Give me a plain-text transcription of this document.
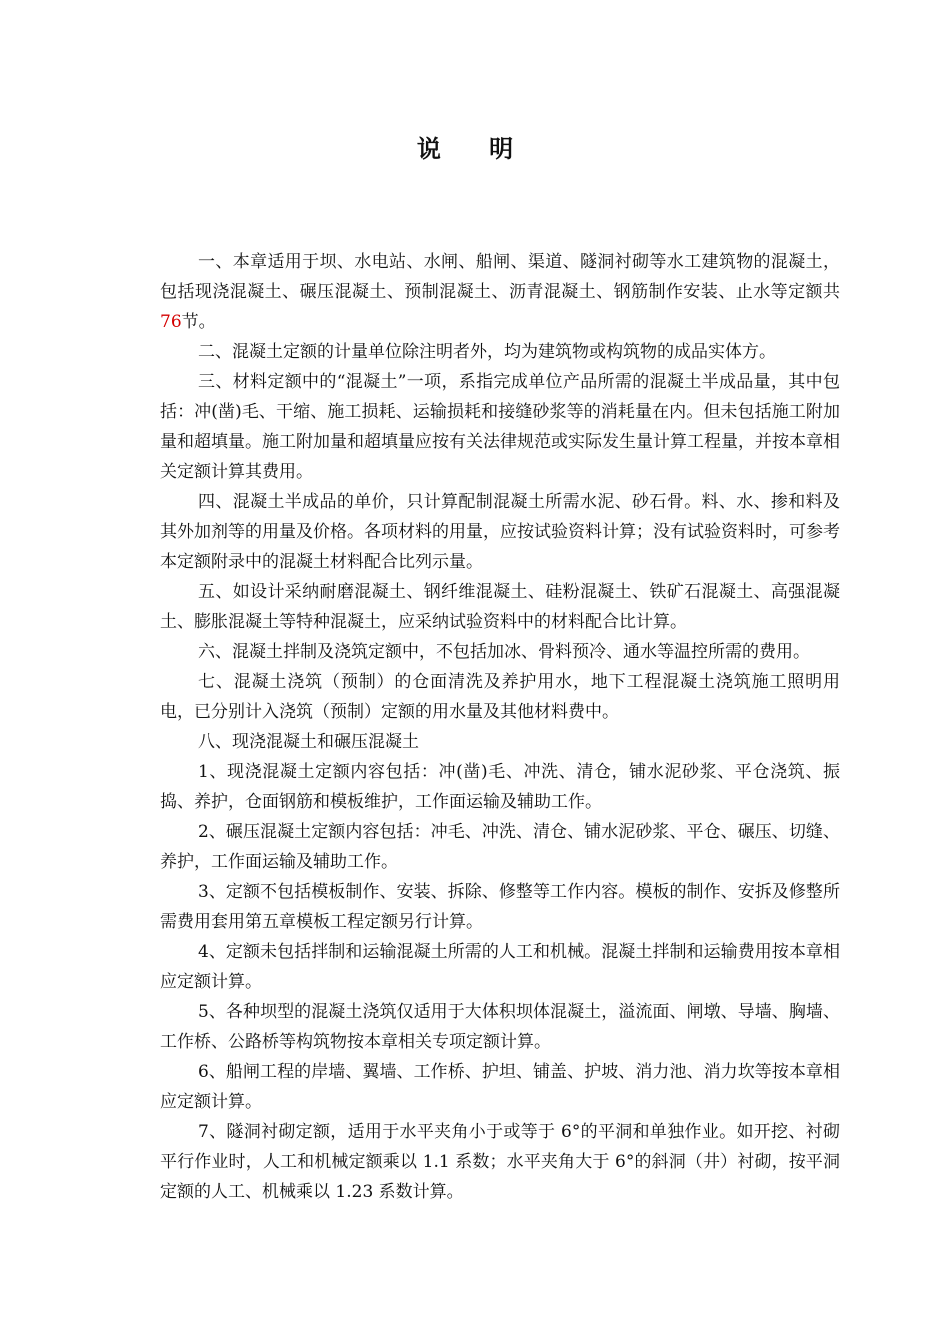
说 明

一、本章适用于坝、水电站、水闸、船闸、渠道、隧洞衬砌等水工建筑物的混凝土，包括现浇混凝土、碾压混凝土、预制混凝土、沥青混凝土、钢筋制作安装、止水等定额共76节。

二、混凝土定额的计量单位除注明者外，均为建筑物或构筑物的成品实体方。

三、材料定额中的“混凝土”一项，系指完成单位产品所需的混凝土半成品量，其中包括：冲(凿)毛、干缩、施工损耗、运输损耗和接缝砂浆等的消耗量在内。但未包括施工附加量和超填量。施工附加量和超填量应按有关法律规范或实际发生量计算工程量，并按本章相关定额计算其费用。

四、混凝土半成品的单价，只计算配制混凝土所需水泥、砂石骨。料、水、掺和料及其外加剂等的用量及价格。各项材料的用量，应按试验资料计算；没有试验资料时，可参考本定额附录中的混凝土材料配合比列示量。

五、如设计采纳耐磨混凝土、钢纤维混凝土、硅粉混凝土、铁矿石混凝土、高强混凝土、膨胀混凝土等特种混凝土，应采纳试验资料中的材料配合比计算。

六、混凝土拌制及浇筑定额中，不包括加冰、骨料预冷、通水等温控所需的费用。

七、混凝土浇筑（预制）的仓面清洗及养护用水，地下工程混凝土浇筑施工照明用电，已分别计入浇筑（预制）定额的用水量及其他材料费中。

八、现浇混凝土和碾压混凝土

1、现浇混凝土定额内容包括：冲(凿)毛、冲洗、清仓，铺水泥砂浆、平仓浇筑、振捣、养护，仓面钢筋和模板维护，工作面运输及辅助工作。

2、碾压混凝土定额内容包括：冲毛、冲洗、清仓、铺水泥砂浆、平仓、碾压、切缝、养护，工作面运输及辅助工作。

3、定额不包括模板制作、安装、拆除、修整等工作内容。模板的制作、安拆及修整所需费用套用第五章模板工程定额另行计算。

4、定额未包括拌制和运输混凝土所需的人工和机械。混凝土拌制和运输费用按本章相应定额计算。

5、各种坝型的混凝土浇筑仅适用于大体积坝体混凝土，溢流面、闸墩、导墙、胸墙、工作桥、公路桥等构筑物按本章相关专项定额计算。

6、船闸工程的岸墙、翼墙、工作桥、护坦、铺盖、护坡、消力池、消力坎等按本章相应定额计算。

7、隧洞衬砌定额，适用于水平夹角小于或等于 6°的平洞和单独作业。如开挖、衬砌平行作业时，人工和机械定额乘以 1.1 系数；水平夹角大于 6°的斜洞（井）衬砌，按平洞定额的人工、机械乘以 1.23 系数计算。
